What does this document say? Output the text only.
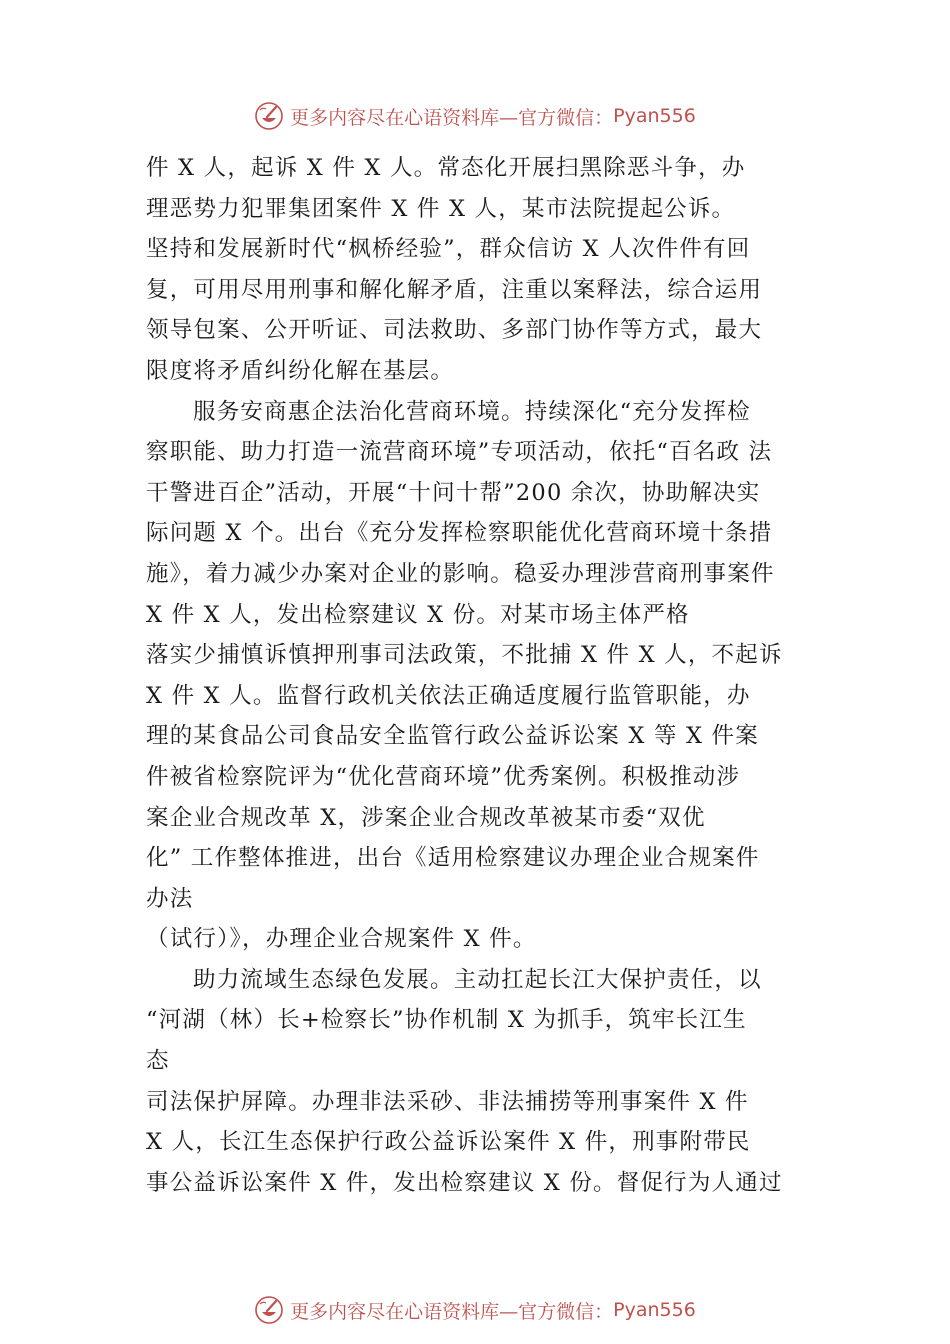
更多内容尽在心语资料库—官方微信： Pyan556
件 X 人，起诉 X 件 X 人。常态化开展扫黑除恶斗争，办
理恶势力犯罪集团案件 X 件 X 人，某市法院提起公诉。
坚持和发展新时代“枫桥经验”，群众信访 X 人次件件有回
复，可用尽用刑事和解化解矛盾，注重以案释法，综合运用
领导包案、公开听证、司法救助、多部门协作等方式，最大
限度将矛盾纠纷化解在基层。
服务安商惠企法治化营商环境。持续深化“充分发挥检
察职能、助力打造一流营商环境”专项活动，依托“百名政 法
干警进百企”活动，开展“十问十帮”200 余次，协助解决实
际问题 X 个。出台《充分发挥检察职能优化营商环境十条措
施》，着力减少办案对企业的影响。稳妥办理涉营商刑事案件
X 件 X 人，发出检察建议 X 份。对某市场主体严格
落实少捕慎诉慎押刑事司法政策，不批捕 X 件 X 人，不起诉
X 件 X 人。监督行政机关依法正确适度履行监管职能，办
理的某食品公司食品安全监管行政公益诉讼案 X 等 X 件案
件被省检察院评为“优化营商环境”优秀案例。积极推动涉
案企业合规改革 X，涉案企业合规改革被某市委“双优
化” 工作整体推进，出台《适用检察建议办理企业合规案件
办法
（试行）》，办理企业合规案件 X 件。
助力流域生态绿色发展。主动扛起长江大保护责任，以
“河湖（林）长+检察长”协作机制 X 为抓手，筑牢长江生
态
司法保护屏障。办理非法采砂、非法捕捞等刑事案件 X 件
X 人，长江生态保护行政公益诉讼案件 X 件，刑事附带民
事公益诉讼案件 X 件，发出检察建议 X 份。督促行为人通过
更多内容尽在心语资料库—官方微信： Pyan556
